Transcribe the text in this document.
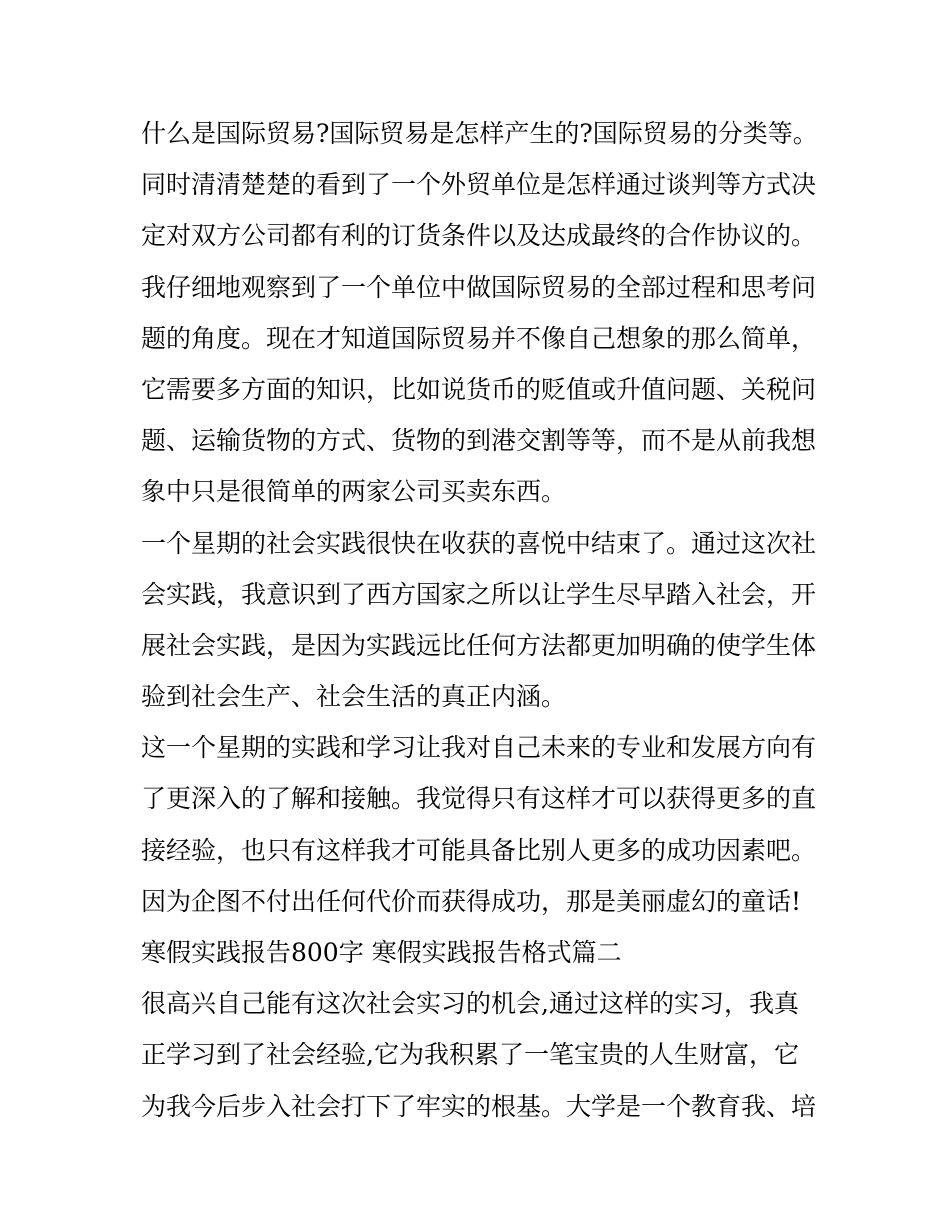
什么是国际贸易?国际贸易是怎样产生的?国际贸易的分类等。
同时清清楚楚的看到了一个外贸单位是怎样通过谈判等方式决
定对双方公司都有利的订货条件以及达成最终的合作协议的。
我仔细地观察到了一个单位中做国际贸易的全部过程和思考问
题的角度。现在才知道国际贸易并不像自己想象的那么简单，
它需要多方面的知识，比如说货币的贬值或升值问题、关税问
题、运输货物的方式、货物的到港交割等等，而不是从前我想
象中只是很简单的两家公司买卖东西。
一个星期的社会实践很快在收获的喜悦中结束了。通过这次社
会实践，我意识到了西方国家之所以让学生尽早踏入社会，开
展社会实践，是因为实践远比任何方法都更加明确的使学生体
验到社会生产、社会生活的真正内涵。
这一个星期的实践和学习让我对自己未来的专业和发展方向有
了更深入的了解和接触。我觉得只有这样才可以获得更多的直
接经验，也只有这样我才可能具备比别人更多的成功因素吧。
因为企图不付出任何代价而获得成功，那是美丽虚幻的童话!
寒假实践报告800字 寒假实践报告格式篇二
很高兴自己能有这次社会实习的机会,通过这样的实习，我真
正学习到了社会经验,它为我积累了一笔宝贵的人生财富，它
为我今后步入社会打下了牢实的根基。大学是一个教育我、培
